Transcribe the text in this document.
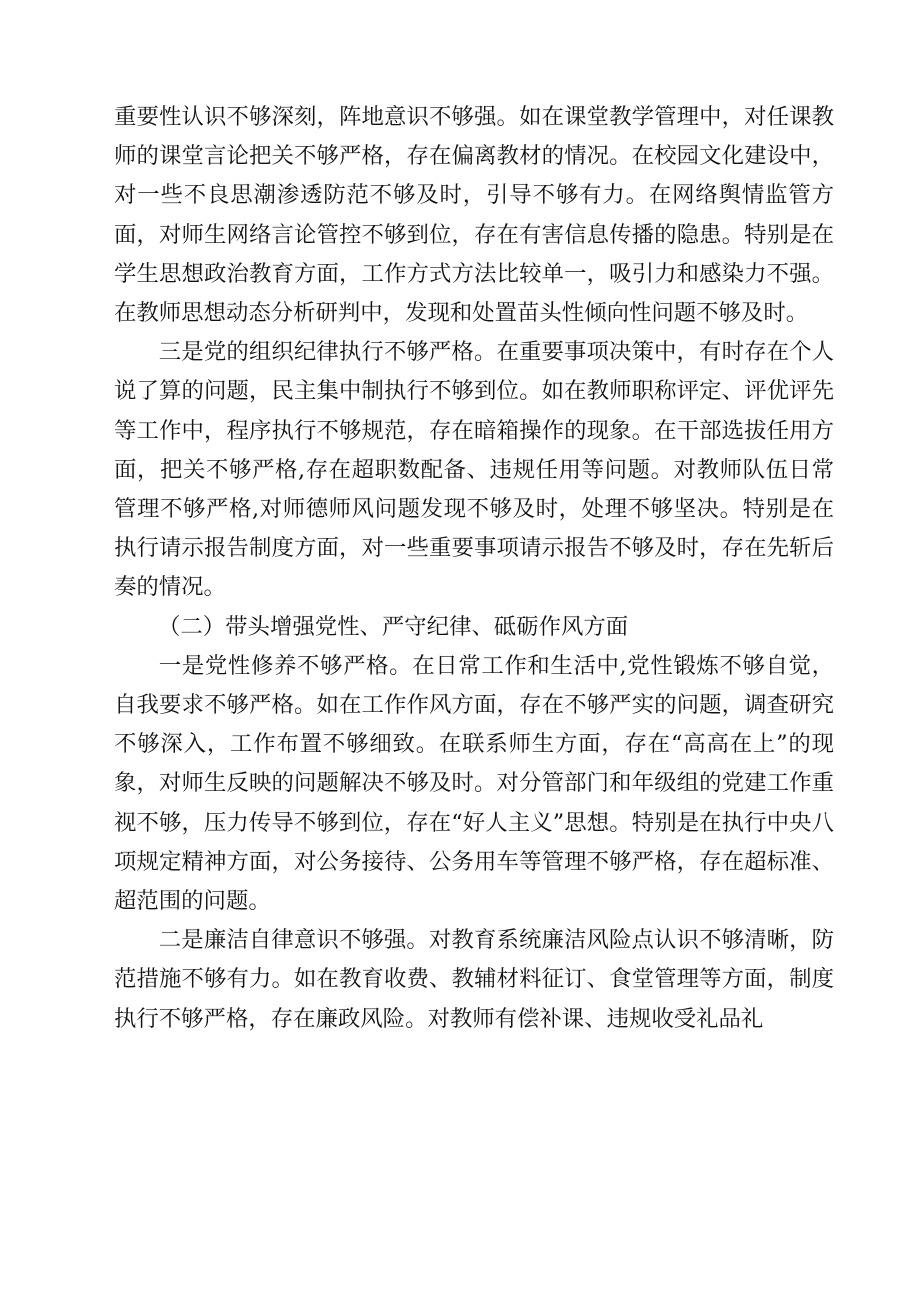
重要性认识不够深刻，阵地意识不够强。如在课堂教学管理中，对任课教师的课堂言论把关不够严格，存在偏离教材的情况。在校园文化建设中，对一些不良思潮渗透防范不够及时，引导不够有力。在网络舆情监管方面，对师生网络言论管控不够到位，存在有害信息传播的隐患。特别是在学生思想政治教育方面，工作方式方法比较单一，吸引力和感染力不强。在教师思想动态分析研判中，发现和处置苗头性倾向性问题不够及时。

三是党的组织纪律执行不够严格。在重要事项决策中，有时存在个人说了算的问题，民主集中制执行不够到位。如在教师职称评定、评优评先等工作中，程序执行不够规范，存在暗箱操作的现象。在干部选拔任用方面，把关不够严格,存在超职数配备、违规任用等问题。对教师队伍日常管理不够严格,对师德师风问题发现不够及时，处理不够坚决。特别是在执行请示报告制度方面，对一些重要事项请示报告不够及时，存在先斩后奏的情况。

（二）带头增强党性、严守纪律、砥砺作风方面

一是党性修养不够严格。在日常工作和生活中,党性锻炼不够自觉，自我要求不够严格。如在工作作风方面，存在不够严实的问题，调查研究不够深入，工作布置不够细致。在联系师生方面，存在“高高在上”的现象，对师生反映的问题解决不够及时。对分管部门和年级组的党建工作重视不够，压力传导不够到位，存在“好人主义”思想。特别是在执行中央八项规定精神方面，对公务接待、公务用车等管理不够严格，存在超标准、超范围的问题。

二是廉洁自律意识不够强。对教育系统廉洁风险点认识不够清晰，防范措施不够有力。如在教育收费、教辅材料征订、食堂管理等方面，制度执行不够严格，存在廉政风险。对教师有偿补课、违规收受礼品礼
